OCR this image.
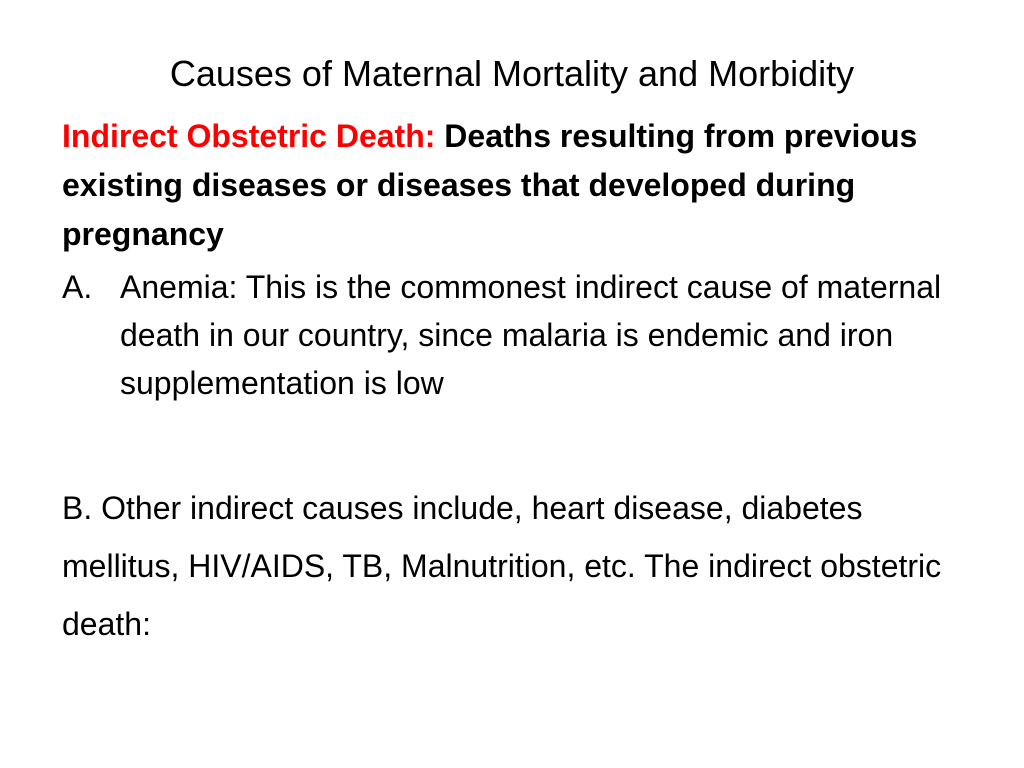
Causes of Maternal Mortality and Morbidity

Indirect Obstetric Death: Deaths resulting from previous existing diseases or diseases that developed during pregnancy

A. Anemia: This is the commonest indirect cause of maternal death in our country, since malaria is endemic and iron supplementation is low
B. Other indirect causes include, heart disease, diabetes mellitus, HIV/AIDS, TB, Malnutrition, etc. The indirect obstetric death:
